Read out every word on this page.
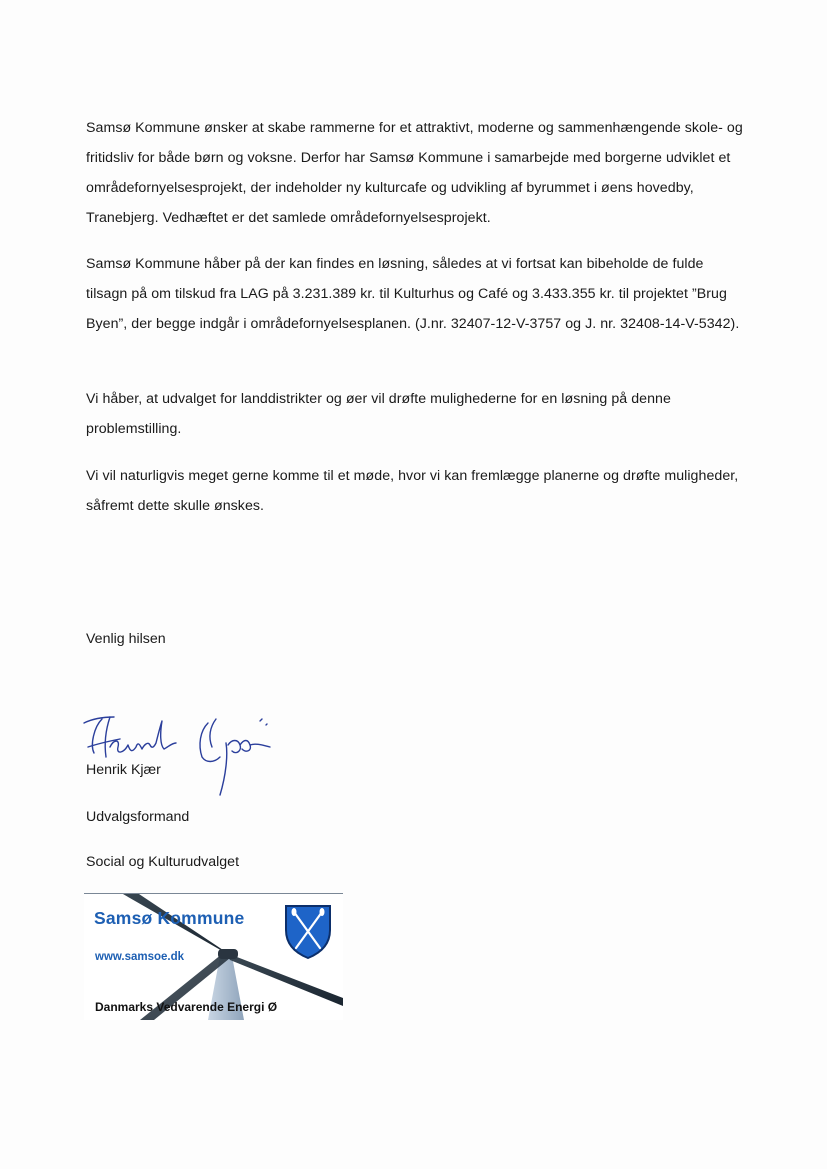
Samsø Kommune ønsker at skabe rammerne for et attraktivt, moderne og sammenhængende skole- og fritidsliv for både børn og voksne. Derfor har Samsø Kommune i samarbejde med borgerne udviklet et områdefornyelsesprojekt, der indeholder ny kulturcafe og udvikling af byrummet i øens hovedby, Tranebjerg. Vedhæftet er det samlede områdefornyelsesprojekt.

Samsø Kommune håber på der kan findes en løsning, således at vi fortsat kan bibeholde de fulde tilsagn på om tilskud fra LAG på 3.231.389 kr. til Kulturhus og Café og 3.433.355 kr. til projektet ”Brug Byen”, der begge indgår i områdefornyelsesplanen. (J.nr. 32407-12-V-3757 og J. nr. 32408-14-V-5342).

Vi håber, at udvalget for landdistrikter og øer vil drøfte mulighederne for en løsning på denne problemstilling.

Vi vil naturligvis meget gerne komme til et møde, hvor vi kan fremlægge planerne og drøfte muligheder, såfremt dette skulle ønskes.

Venlig hilsen
Henrik Kjær
Udvalgsformand
Social og Kulturudvalget
Samsø Kommune
www.samsoe.dk
Danmarks Vedvarende Energi Ø
